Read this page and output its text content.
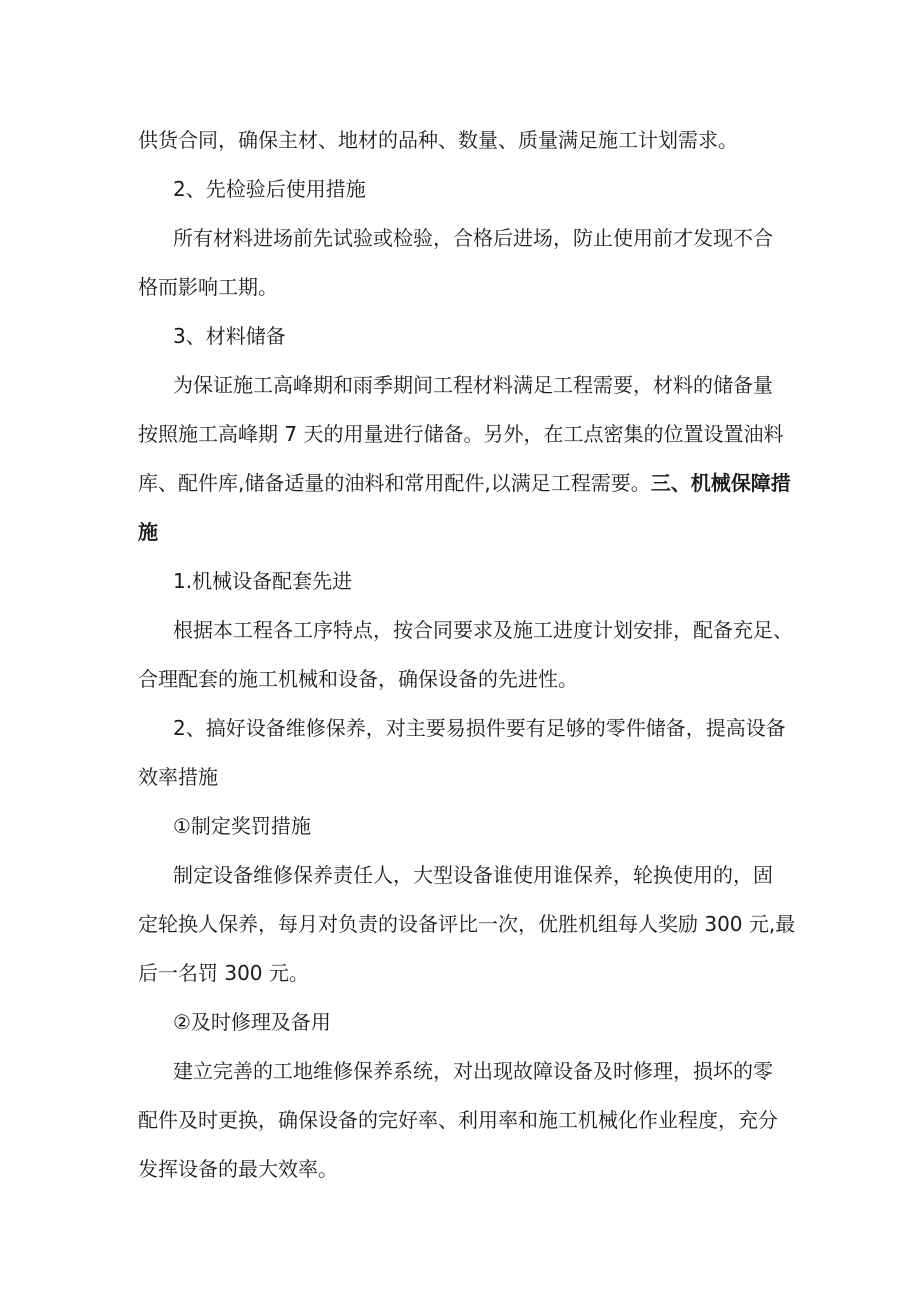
供货合同，确保主材、地材的品种、数量、质量满足施工计划需求。
2、先检验后使用措施
所有材料进场前先试验或检验，合格后进场，防止使用前才发现不合
格而影响工期。
3、材料储备
为保证施工高峰期和雨季期间工程材料满足工程需要，材料的储备量
按照施工高峰期 7 天的用量进行储备。另外，在工点密集的位置设置油料
库、配件库,储备适量的油料和常用配件,以满足工程需要。三、机械保障措
施
1.机械设备配套先进
根据本工程各工序特点，按合同要求及施工进度计划安排，配备充足、
合理配套的施工机械和设备，确保设备的先进性。
2、搞好设备维修保养，对主要易损件要有足够的零件储备，提高设备
效率措施
①制定奖罚措施
制定设备维修保养责任人，大型设备谁使用谁保养，轮换使用的，固
定轮换人保养，每月对负责的设备评比一次，优胜机组每人奖励 300 元,最
后一名罚 300 元。
②及时修理及备用
建立完善的工地维修保养系统，对出现故障设备及时修理，损坏的零
配件及时更换，确保设备的完好率、利用率和施工机械化作业程度，充分
发挥设备的最大效率。
